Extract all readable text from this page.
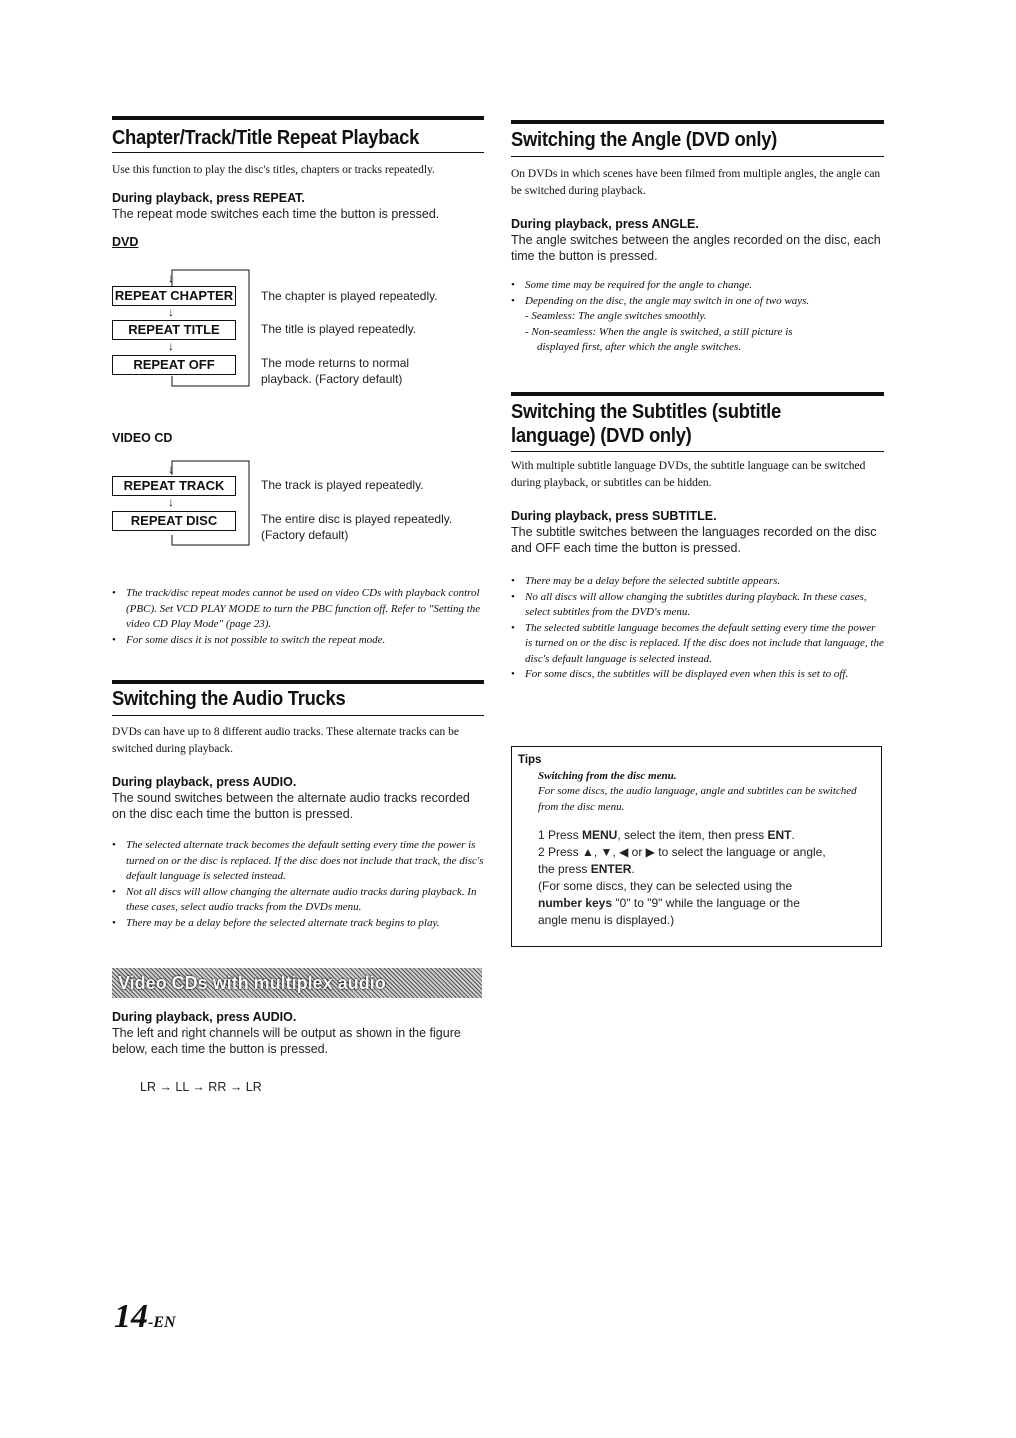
Chapter/Track/Title Repeat Playback

Use this function to play the disc's titles, chapters or tracks repeatedly.

During playback, press REPEAT.

The repeat mode switches each time the button is pressed.

DVD

↓
REPEAT CHAPTER
↓
REPEAT TITLE
↓
REPEAT OFF
The chapter is played repeatedly.
The title is played repeatedly.
The mode returns to normal playback. (Factory default)

VIDEO CD

↓
REPEAT TRACK
↓
REPEAT DISC
The track is played repeatedly.
The entire disc is played repeatedly. (Factory default)
• The track/disc repeat modes cannot be used on video CDs with playback control (PBC). Set VCD PLAY MODE to turn the PBC function off. Refer to "Setting the video CD Play Mode" (page 23).
• For some discs it is not possible to switch the repeat mode.
Switching the Audio Trucks

DVDs can have up to 8 different audio tracks. These alternate tracks can be switched during playback.

During playback, press AUDIO.

The sound switches between the alternate audio tracks recorded on the disc each time the button is pressed.

• The selected alternate track becomes the default setting every time the power is turned on or the disc is replaced. If the disc does not include that track, the disc's default language is selected instead.
• Not all discs will allow changing the alternate audio tracks during playback. In these cases, select audio tracks from the DVDs menu.
• There may be a delay before the selected alternate track begins to play.
Video CDs with multiplex audio

During playback, press AUDIO.

The left and right channels will be output as shown in the figure below, each time the button is pressed.

LR → LL → RR → LR

14-EN
Switching the Angle (DVD only)

On DVDs in which scenes have been filmed from multiple angles, the angle can be switched during playback.

During playback, press ANGLE.

The angle switches between the angles recorded on the disc, each time the button is pressed.

• Some time may be required for the angle to change.
• Depending on the disc, the angle may switch in one of two ways.
- Seamless: The angle switches smoothly.
- Non-seamless: When the angle is switched, a still picture is
displayed first, after which the angle switches.
Switching the Subtitles (subtitle
language) (DVD only)

With multiple subtitle language DVDs, the subtitle language can be switched during playback, or subtitles can be hidden.

During playback, press SUBTITLE.

The subtitle switches between the languages recorded on the disc and OFF each time the button is pressed.

• There may be a delay before the selected subtitle appears.
• No all discs will allow changing the subtitles during playback. In these cases, select subtitles from the DVD's menu.
• The selected subtitle language becomes the default setting every time the power is turned on or the disc is replaced. If the disc does not include that language, the disc's default language is selected instead.
• For some discs, the subtitles will be displayed even when this is set to off.

Tips

Switching from the disc menu.

For some discs, the audio language, angle and subtitles can be switched from the disc menu.

1 Press MENU, select the item, then press ENT.

2 Press ▲, ▼, ◀ or ▶ to select the language or angle,

the press ENTER.

(For some discs, they can be selected using the

number keys "0" to "9" while the language or the

angle menu is displayed.)
